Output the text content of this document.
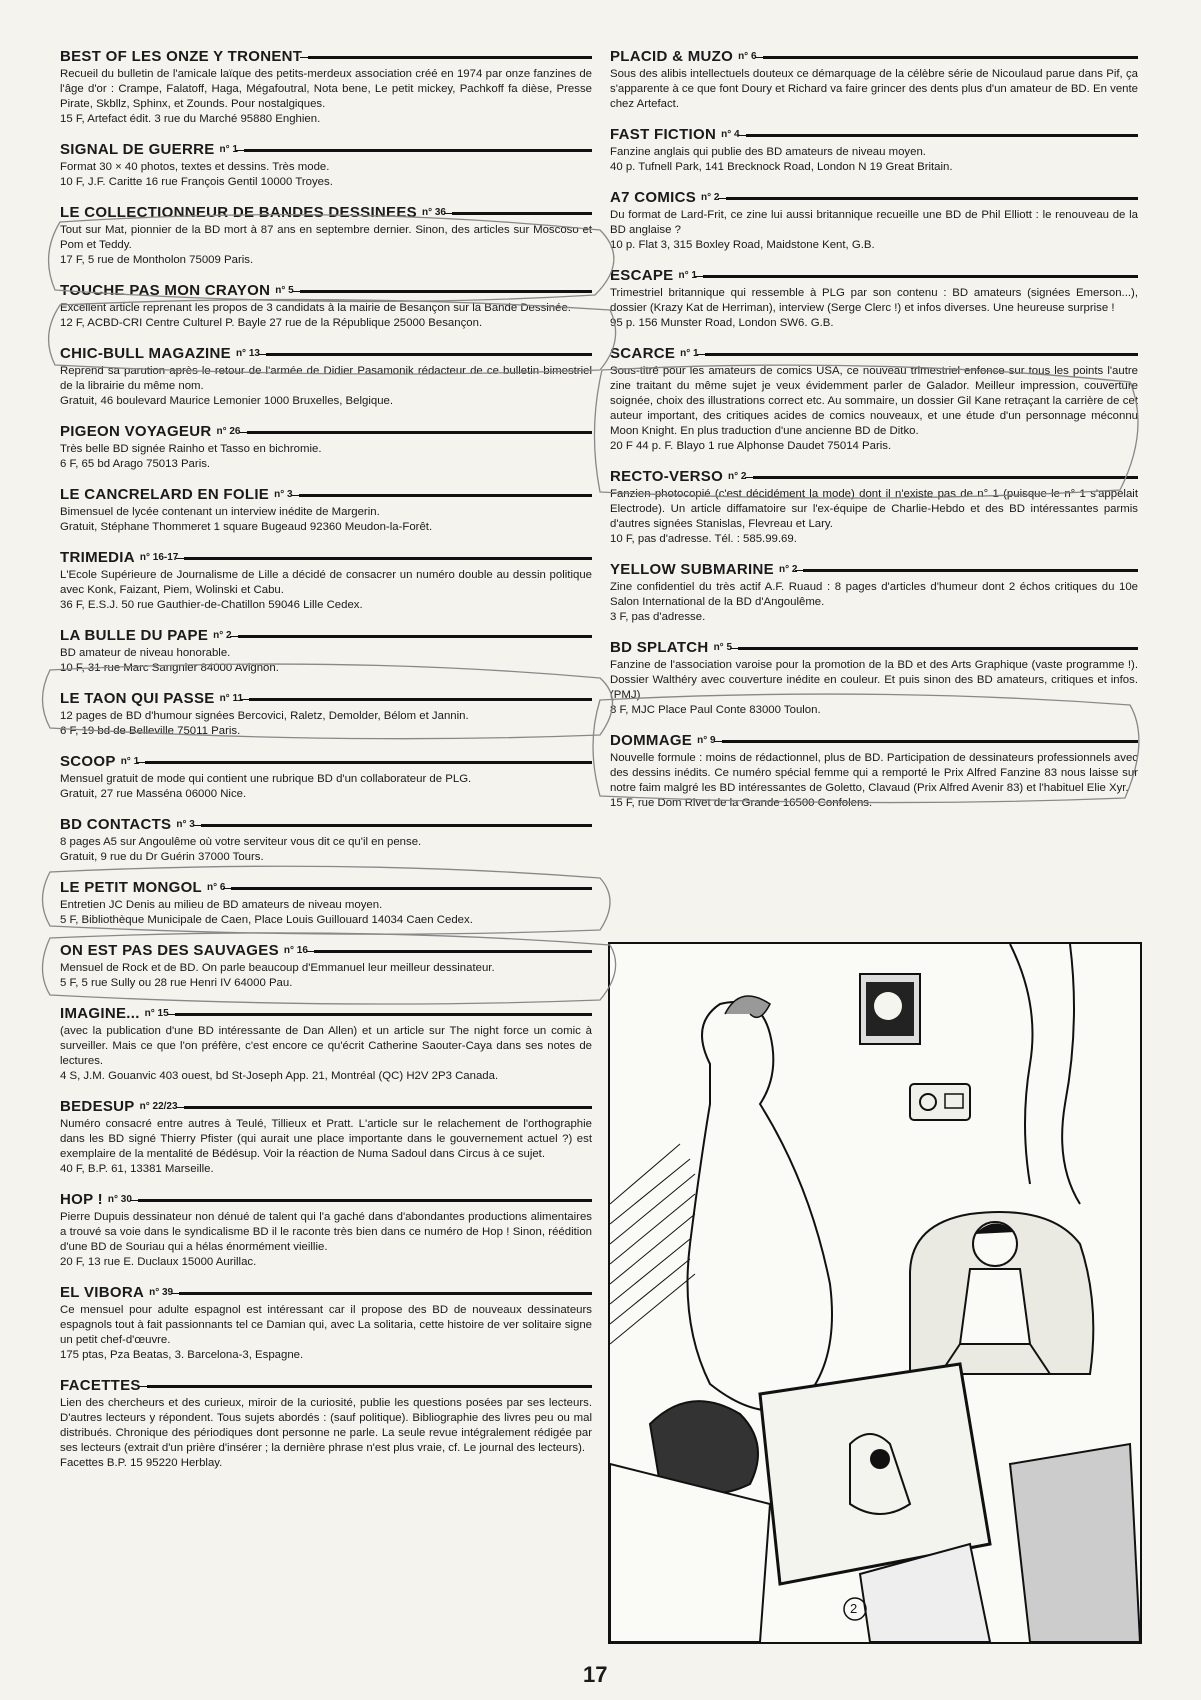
BEST OF LES ONZE Y TRONENT
Recueil du bulletin de l'amicale laïque des petits-merdeux association créé en 1974 par onze fanzines de l'âge d'or : Crampe, Falatoff, Haga, Mégafoutral, Nota bene, Le petit mickey, Pachkoff fa dièse, Presse Pirate, Skbllz, Sphinx, et Zounds. Pour nostalgiques.
15 F, Artefact édit. 3 rue du Marché 95880 Enghien.
SIGNAL DE GUERRE n° 1
Format 30 × 40 photos, textes et dessins. Très mode.
10 F, J.F. Caritte 16 rue François Gentil 10000 Troyes.
LE COLLECTIONNEUR DE BANDES DESSINEES n° 36
Tout sur Mat, pionnier de la BD mort à 87 ans en septembre dernier. Sinon, des articles sur Moscoso et Pom et Teddy.
17 F, 5 rue de Montholon 75009 Paris.
TOUCHE PAS MON CRAYON n° 5
Excellent article reprenant les propos de 3 candidats à la mairie de Besançon sur la Bande Dessinée.
12 F, ACBD-CRI Centre Culturel P. Bayle 27 rue de la République 25000 Besançon.
CHIC-BULL MAGAZINE n° 13
Reprend sa parution après le retour de l'armée de Didier Pasamonik rédacteur de ce bulletin bimestriel de la librairie du même nom.
Gratuit, 46 boulevard Maurice Lemonier 1000 Bruxelles, Belgique.
PIGEON VOYAGEUR n° 26
Très belle BD signée Rainho et Tasso en bichromie.
6 F, 65 bd Arago 75013 Paris.
LE CANCRELARD EN FOLIE n° 3
Bimensuel de lycée contenant un interview inédite de Margerin.
Gratuit, Stéphane Thommeret 1 square Bugeaud 92360 Meudon-la-Forêt.
TRIMEDIA n° 16-17
L'Ecole Supérieure de Journalisme de Lille a décidé de consacrer un numéro double au dessin politique avec Konk, Faizant, Piem, Wolinski et Cabu.
36 F, E.S.J. 50 rue Gauthier-de-Chatillon 59046 Lille Cedex.
LA BULLE DU PAPE n° 2
BD amateur de niveau honorable.
10 F, 31 rue Marc Sangnier 84000 Avignon.
LE TAON QUI PASSE n° 11
12 pages de BD d'humour signées Bercovici, Raletz, Demolder, Bélom et Jannin.
6 F, 19 bd de Belleville 75011 Paris.
SCOOP n° 1
Mensuel gratuit de mode qui contient une rubrique BD d'un collaborateur de PLG.
Gratuit, 27 rue Masséna 06000 Nice.
BD CONTACTS n° 3
8 pages A5 sur Angoulême où votre serviteur vous dit ce qu'il en pense.
Gratuit, 9 rue du Dr Guérin 37000 Tours.
LE PETIT MONGOL n° 6
Entretien JC Denis au milieu de BD amateurs de niveau moyen.
5 F, Bibliothèque Municipale de Caen, Place Louis Guillouard 14034 Caen Cedex.
ON EST PAS DES SAUVAGES n° 16
Mensuel de Rock et de BD. On parle beaucoup d'Emmanuel leur meilleur dessinateur.
5 F, 5 rue Sully ou 28 rue Henri IV 64000 Pau.
IMAGINE... n° 15
(avec la publication d'une BD intéressante de Dan Allen) et un article sur The night force un comic à surveiller. Mais ce que l'on préfère, c'est encore ce qu'écrit Catherine Saouter-Caya dans ses notes de lectures.
4 S, J.M. Gouanvic 403 ouest, bd St-Joseph App. 21, Montréal (QC) H2V 2P3 Canada.
BEDESUP n° 22/23
Numéro consacré entre autres à Teulé, Tillieux et Pratt. L'article sur le relachement de l'orthographie dans les BD signé Thierry Pfister (qui aurait une place importante dans le gouvernement actuel ?) est exemplaire de la mentalité de Bédésup. Voir la réaction de Numa Sadoul dans Circus à ce sujet.
40 F, B.P. 61, 13381 Marseille.
HOP ! n° 30
Pierre Dupuis dessinateur non dénué de talent qui l'a gaché dans d'abondantes productions alimentaires a trouvé sa voie dans le syndicalisme BD il le raconte très bien dans ce numéro de Hop ! Sinon, réédition d'une BD de Souriau qui a hélas énormément vieillie.
20 F, 13 rue E. Duclaux 15000 Aurillac.
EL VIBORA n° 39
Ce mensuel pour adulte espagnol est intéressant car il propose des BD de nouveaux dessinateurs espagnols tout à fait passionnants tel ce Damian qui, avec La solitaria, cette histoire de ver solitaire signe un petit chef-d'œuvre.
175 ptas, Pza Beatas, 3. Barcelona-3, Espagne.
FACETTES
Lien des chercheurs et des curieux, miroir de la curiosité, publie les questions posées par ses lecteurs. D'autres lecteurs y répondent. Tous sujets abordés : (sauf politique). Bibliographie des livres peu ou mal distribués. Chronique des périodiques dont personne ne parle. La seule revue intégralement rédigée par ses lecteurs (extrait d'un prière d'insérer ; la dernière phrase n'est plus vraie, cf. Le journal des lecteurs).
Facettes B.P. 15 95220 Herblay.
PLACID & MUZO n° 6
Sous des alibis intellectuels douteux ce démarquage de la célèbre série de Nicoulaud parue dans Pif, ça s'apparente à ce que font Doury et Richard va faire grincer des dents plus d'un amateur de BD. En vente chez Artefact.
FAST FICTION n° 4
Fanzine anglais qui publie des BD amateurs de niveau moyen.
40 p. Tufnell Park, 141 Brecknock Road, London N 19 Great Britain.
A7 COMICS n° 2
Du format de Lard-Frit, ce zine lui aussi britannique recueille une BD de Phil Elliott : le renouveau de la BD anglaise ?
10 p. Flat 3, 315 Boxley Road, Maidstone Kent, G.B.
ESCAPE n° 1
Trimestriel britannique qui ressemble à PLG par son contenu : BD amateurs (signées Emerson...), dossier (Krazy Kat de Herriman), interview (Serge Clerc !) et infos diverses. Une heureuse surprise !
95 p. 156 Munster Road, London SW6. G.B.
SCARCE n° 1
Sous-titré pour les amateurs de comics USA, ce nouveau trimestriel enfonce sur tous les points l'autre zine traitant du même sujet je veux évidemment parler de Galador. Meilleur impression, couverture soignée, choix des illustrations correct etc. Au sommaire, un dossier Gil Kane retraçant la carrière de cet auteur important, des critiques acides de comics nouveaux, et une étude d'un personnage méconnu Moon Knight. En plus traduction d'une ancienne BD de Ditko.
20 F 44 p. F. Blayo 1 rue Alphonse Daudet 75014 Paris.
RECTO-VERSO n° 2
Fanzien photocopié (c'est décidément la mode) dont il n'existe pas de n° 1 (puisque le n° 1 s'appelait Electrode). Un article diffamatoire sur l'ex-équipe de Charlie-Hebdo et des BD intéressantes parmis d'autres signées Stanislas, Flevreau et Lary.
10 F, pas d'adresse. Tél. : 585.99.69.
YELLOW SUBMARINE n° 2
Zine confidentiel du très actif A.F. Ruaud : 8 pages d'articles d'humeur dont 2 échos critiques du 10e Salon International de la BD d'Angoulême.
3 F, pas d'adresse.
BD SPLATCH n° 5
Fanzine de l'association varoise pour la promotion de la BD et des Arts Graphique (vaste programme !). Dossier Walthéry avec couverture inédite en couleur. Et puis sinon des BD amateurs, critiques et infos. (PMJ)
8 F, MJC Place Paul Conte 83000 Toulon.
DOMMAGE n° 9
Nouvelle formule : moins de rédactionnel, plus de BD. Participation de dessinateurs professionnels avec des dessins inédits. Ce numéro spécial femme qui a remporté le Prix Alfred Fanzine 83 nous laisse sur notre faim malgré les BD intéressantes de Goletto, Clavaud (Prix Alfred Avenir 83) et l'habituel Elie Xyr.
15 F, rue Dom Rivet de la Grande 16500 Confolens.
2
17
